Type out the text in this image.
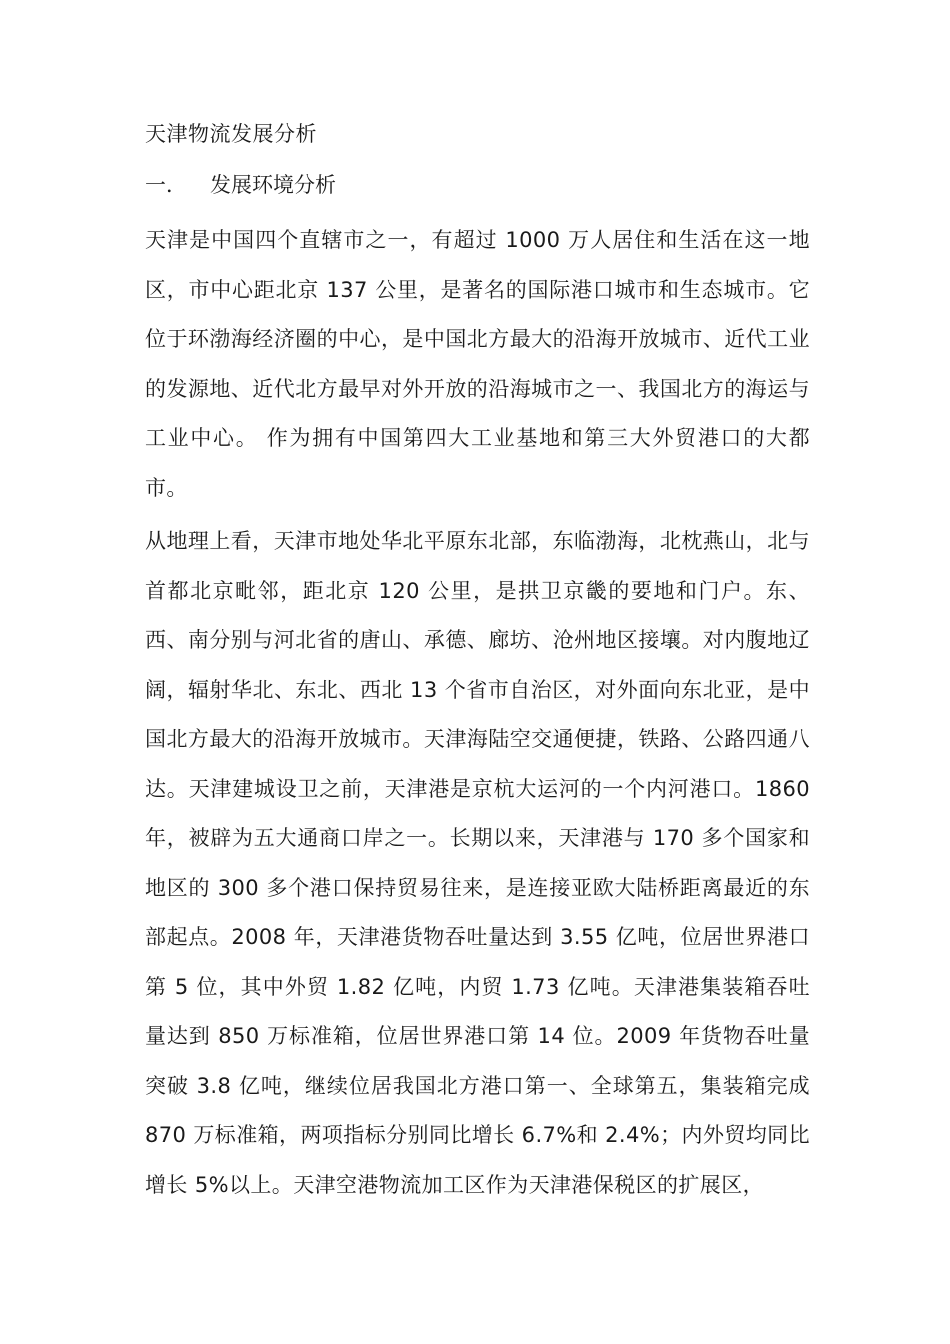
天津物流发展分析
一．	发展环境分析

天津是中国四个直辖市之一，有超过 1000 万人居住和生活在这一地区，市中心距北京 137 公里，是著名的国际港口城市和生态城市。它位于环渤海经济圈的中心，是中国北方最大的沿海开放城市、近代工业的发源地、近代北方最早对外开放的沿海城市之一、我国北方的海运与工业中心。 作为拥有中国第四大工业基地和第三大外贸港口的大都市。

从地理上看，天津市地处华北平原东北部，东临渤海，北枕燕山，北与首都北京毗邻，距北京 120 公里，是拱卫京畿的要地和门户。东、西、南分别与河北省的唐山、承德、廊坊、沧州地区接壤。对内腹地辽阔，辐射华北、东北、西北 13 个省市自治区，对外面向东北亚，是中国北方最大的沿海开放城市。天津海陆空交通便捷，铁路、公路四通八达。天津建城设卫之前，天津港是京杭大运河的一个内河港口。1860 年，被辟为五大通商口岸之一。长期以来，天津港与 170 多个国家和地区的 300 多个港口保持贸易往来，是连接亚欧大陆桥距离最近的东部起点。2008 年，天津港货物吞吐量达到 3.55 亿吨，位居世界港口第 5 位，其中外贸 1.82 亿吨，内贸 1.73 亿吨。天津港集装箱吞吐量达到 850 万标准箱，位居世界港口第 14 位。2009 年货物吞吐量突破 3.8 亿吨，继续位居我国北方港口第一、全球第五，集装箱完成 870 万标准箱，两项指标分别同比增长 6.7%和 2.4%；内外贸均同比增长 5%以上。天津空港物流加工区作为天津港保税区的扩展区，
